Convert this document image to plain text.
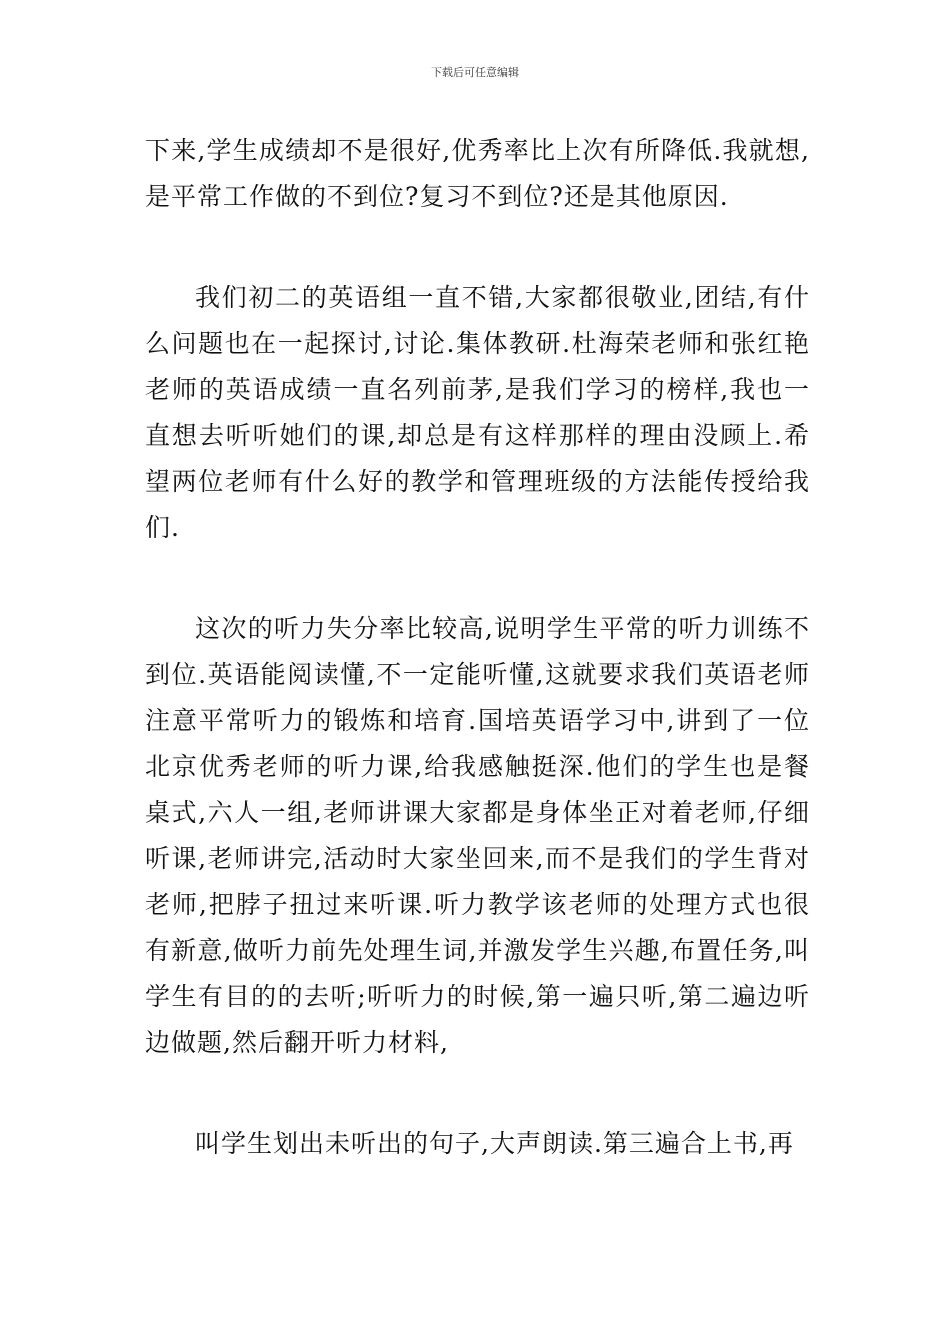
下载后可任意编辑

下来,学生成绩却不是很好,优秀率比上次有所降低.我就想,是平常工作做的不到位?复习不到位?还是其他原因.

我们初二的英语组一直不错,大家都很敬业,团结,有什么问题也在一起探讨,讨论.集体教研.杜海荣老师和张红艳老师的英语成绩一直名列前茅,是我们学习的榜样,我也一直想去听听她们的课,却总是有这样那样的理由没顾上.希望两位老师有什么好的教学和管理班级的方法能传授给我们.

这次的听力失分率比较高,说明学生平常的听力训练不到位.英语能阅读懂,不一定能听懂,这就要求我们英语老师注意平常听力的锻炼和培育.国培英语学习中,讲到了一位北京优秀老师的听力课,给我感触挺深.他们的学生也是餐桌式,六人一组,老师讲课大家都是身体坐正对着老师,仔细听课,老师讲完,活动时大家坐回来,而不是我们的学生背对老师,把脖子扭过来听课.听力教学该老师的处理方式也很有新意,做听力前先处理生词,并激发学生兴趣,布置任务,叫学生有目的的去听;听听力的时候,第一遍只听,第二遍边听边做题,然后翻开听力材料,

叫学生划出未听出的句子,大声朗读.第三遍合上书,再
